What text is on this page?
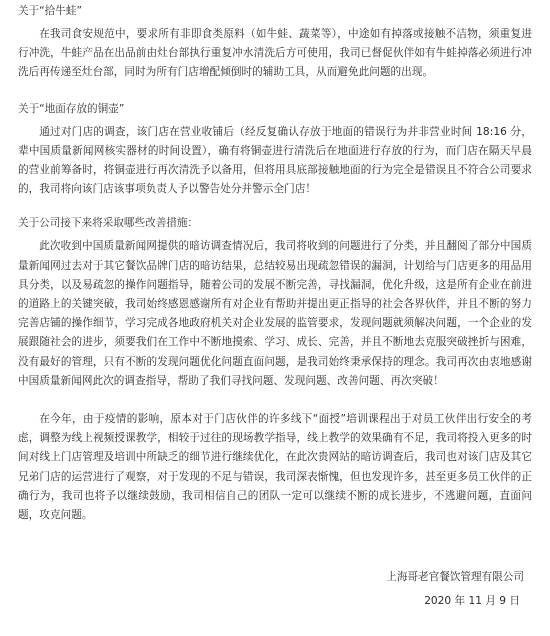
关于“拾牛蛙”

在我司食安规范中，要求所有非即食类原料（如牛蛙、蔬菜等），中途如有掉落或接触不洁物，须重复进行冲洗，牛蛙产品在出品前由灶台部执行重复冲水清洗后方可使用，我司已督促伙伴如有牛蛙掉落必须进行冲洗后再传递至灶台部，同时为所有门店增配倾倒时的辅助工具，从而避免此问题的出现。

关于“地面存放的铜壶”

通过对门店的调查，该门店在营业收铺后（经反复确认存放于地面的错误行为并非营业时间 18:16 分，辈中国质量新闻网核实器材的时间设置），确有将铜壶进行清洗后在地面进行存放的行为，而门店在隔天早晨的营业前筹备时，将铜壶进行再次清洗予以备用，但将用具底部接触地面的行为完全是错误且不符合公司要求的，我司将向该门店该事项负责人予以警告处分并警示全门店！

关于公司接下来将采取哪些改善措施：

此次收到中国质量新闻网提供的暗访调查情况后，我司将收到的问题进行了分类，并且翻阅了部分中国质量新闻网过去对于其它餐饮品牌门店的暗访结果，总结较易出现疏忽错误的漏洞，计划给与门店更多的用品用具分类，以及易疏忽的操作问题指导，随着公司的发展不断完善，寻找漏洞，优化升级，这是所有企业在前进的道路上的关键突破，我司始终感恩感谢所有对企业有帮助并提出更正指导的社会各界伙伴，并且不断的努力完善店铺的操作细节，学习完成各地政府机关对企业发展的监管要求，发现问题就须解决问题，一个企业的发展跟随社会的进步，须要我们在工作中不断地摸索、学习、成长、完善，并且不断地去克服突破挫折与困难，没有最好的管理，只有不断的发现问题优化问题直面问题，是我司始终秉承保持的理念。我司再次由衷地感谢中国质量新闻网此次的调查指导，帮助了我们寻找问题、发现问题、改善问题、再次突破！

在今年，由于疫情的影响，原本对于门店伙伴的许多线下“面授”培训课程出于对员工伙伴出行安全的考虑，调整为线上视频授课教学，相较于过往的现场教学指导，线上教学的效果确有不足，我司将投入更多的时间对线上门店管理及培训中所缺乏的细节进行继续优化，在此次贵网站的暗访调查后，我司也对该门店及其它兄弟门店的运营进行了观察，对于发现的不足与错误，我司深表惭愧，但也发现许多，甚至更多员工伙伴的正确行为，我司也将予以继续鼓励，我司相信自己的团队一定可以继续不断的成长进步，不逃避问题，直面问题，攻克问题。

上海哥老官餐饮管理有限公司
2020 年 11 月 9 日
